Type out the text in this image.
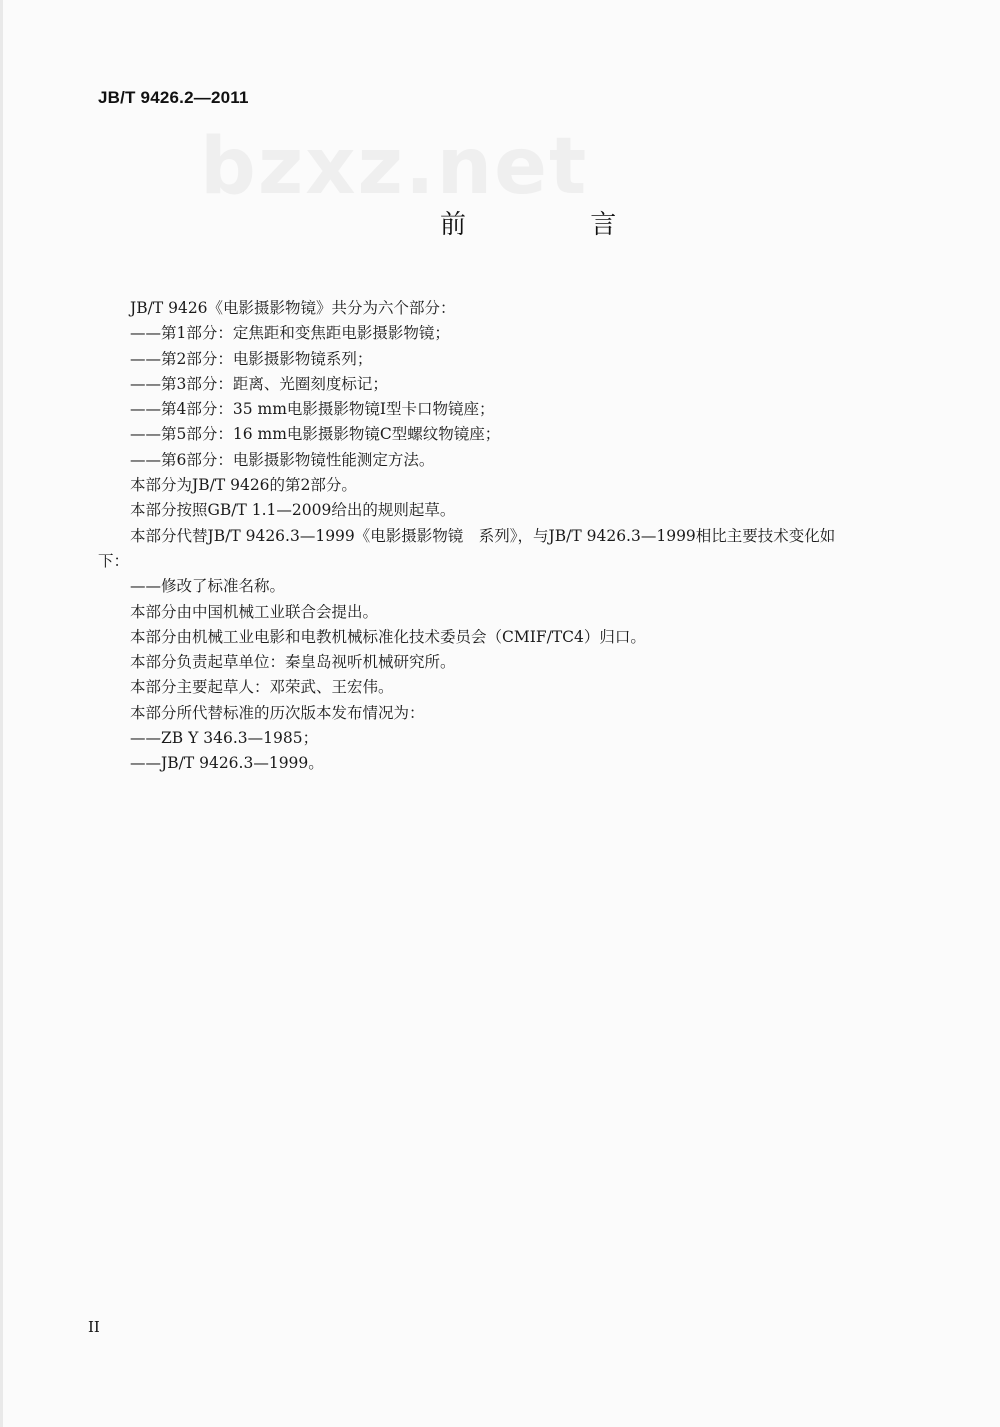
JB/T 9426.2—2011
bzxz.net
前 言

JB/T 9426《电影摄影物镜》共分为六个部分：

——第1部分：定焦距和变焦距电影摄影物镜；

——第2部分：电影摄影物镜系列；

——第3部分：距离、光圈刻度标记；

——第4部分：35 mm电影摄影物镜Ⅰ型卡口物镜座；

——第5部分：16 mm电影摄影物镜C型螺纹物镜座；

——第6部分：电影摄影物镜性能测定方法。

本部分为JB/T 9426的第2部分。

本部分按照GB/T 1.1—2009给出的规则起草。

本部分代替JB/T 9426.3—1999《电影摄影物镜　系列》，与JB/T 9426.3—1999相比主要技术变化如

下：

——修改了标准名称。

本部分由中国机械工业联合会提出。

本部分由机械工业电影和电教机械标准化技术委员会（CMIF/TC4）归口。

本部分负责起草单位：秦皇岛视听机械研究所。

本部分主要起草人：邓荣武、王宏伟。

本部分所代替标准的历次版本发布情况为：

——ZB Y 346.3—1985；

——JB/T 9426.3—1999。

II
